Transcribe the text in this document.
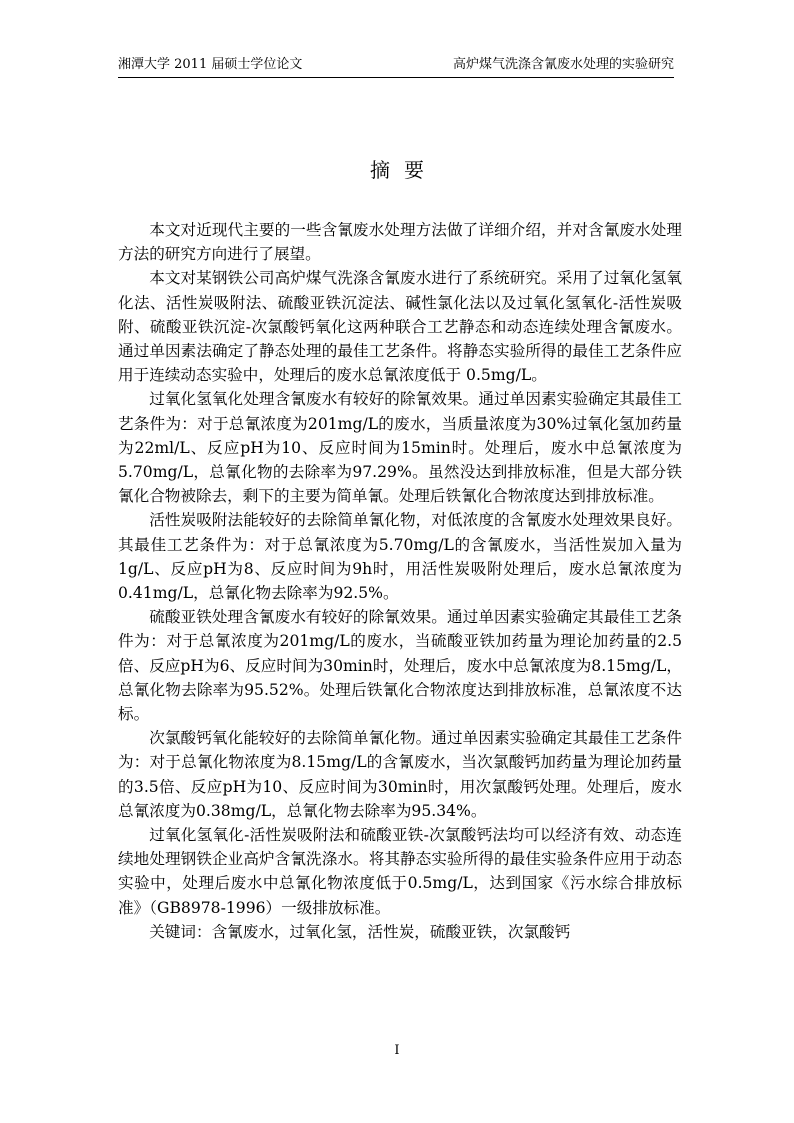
湘潭大学 2011 届硕士学位论文	高炉煤气洗涤含氰废水处理的实验研究
摘要

本文对近现代主要的一些含氰废水处理方法做了详细介绍，并对含氰废水处理方法的研究方向进行了展望。

本文对某钢铁公司高炉煤气洗涤含氰废水进行了系统研究。采用了过氧化氢氧化法、活性炭吸附法、硫酸亚铁沉淀法、碱性氯化法以及过氧化氢氧化-活性炭吸附、硫酸亚铁沉淀-次氯酸钙氧化这两种联合工艺静态和动态连续处理含氰废水。通过单因素法确定了静态处理的最佳工艺条件。将静态实验所得的最佳工艺条件应用于连续动态实验中，处理后的废水总氰浓度低于 0.5mg/L。

过氧化氢氧化处理含氰废水有较好的除氰效果。通过单因素实验确定其最佳工艺条件为：对于总氰浓度为201mg/L的废水，当质量浓度为30%过氧化氢加药量为22ml/L、反应pH为10、反应时间为15min时。处理后，废水中总氰浓度为5.70mg/L，总氰化物的去除率为97.29%。虽然没达到排放标准，但是大部分铁氰化合物被除去，剩下的主要为简单氰。处理后铁氰化合物浓度达到排放标准。

活性炭吸附法能较好的去除简单氰化物，对低浓度的含氰废水处理效果良好。其最佳工艺条件为：对于总氰浓度为5.70mg/L的含氰废水，当活性炭加入量为1g/L、反应pH为8、反应时间为9h时，用活性炭吸附处理后，废水总氰浓度为0.41mg/L，总氰化物去除率为92.5%。

硫酸亚铁处理含氰废水有较好的除氰效果。通过单因素实验确定其最佳工艺条件为：对于总氰浓度为201mg/L的废水，当硫酸亚铁加药量为理论加药量的2.5倍、反应pH为6、反应时间为30min时，处理后，废水中总氰浓度为8.15mg/L，总氰化物去除率为95.52%。处理后铁氰化合物浓度达到排放标准，总氰浓度不达标。

次氯酸钙氧化能较好的去除简单氰化物。通过单因素实验确定其最佳工艺条件为：对于总氰化物浓度为8.15mg/L的含氰废水，当次氯酸钙加药量为理论加药量的3.5倍、反应pH为10、反应时间为30min时，用次氯酸钙处理。处理后，废水总氰浓度为0.38mg/L，总氰化物去除率为95.34%。

过氧化氢氧化-活性炭吸附法和硫酸亚铁-次氯酸钙法均可以经济有效、动态连续地处理钢铁企业高炉含氰洗涤水。将其静态实验所得的最佳实验条件应用于动态实验中，处理后废水中总氰化物浓度低于0.5mg/L，达到国家《污水综合排放标准》（GB8978-1996）一级排放标准。

关键词：含氰废水，过氧化氢，活性炭，硫酸亚铁，次氯酸钙

I
